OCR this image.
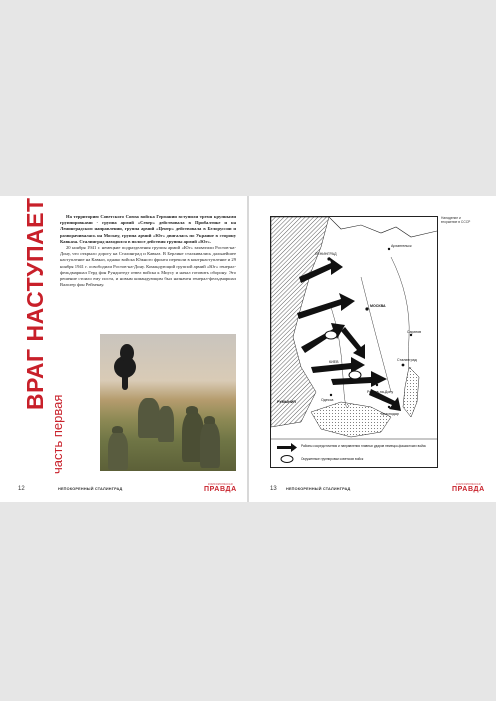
ВРАГ НАСТУПАЕТ
часть первая

На территорию Советского Союза войска Германии вступили тремя крупными группировками - группа армий «Север» действовала в Прибалтике и на Ленинградском направлении, группа армий «Центр» действовала в Белоруссии и разворачивалась на Москву, группа армий «Юг» двигалась по Украине в сторону Кавказа. Сталинград находился в полосе действия группы армий «Юг».

20 ноября 1941 г. немецкие подразделения группы армий «Юг» захватили Ростов-на-Дону, что открыло дорогу на Сталинград и Кавказ. В Берлине сталкивались дальнейшее наступление на Кавказ, однако войска Южного фронта перешли в контрнаступление и 29 ноября 1941 г. освободили Ростов-на-Дону. Командующий группой армий «Юг» генерал-фельдмаршал Герд фон Рундштедт отвел войска к Миусу и начал готовить оборону. Это решение стоило ему поста, и новым командующим был назначен генерал-фельдмаршал Вальтер фон Рейхенау.

12	НЕПОКОРЕННЫЙ СТАЛИНГРАД
КОМСОМОЛЬСКАЯ
ПРАВДА
ЛЕНИНГРАД
МОСКВА
Архангельск
КИЕВ	Сталинград
Ростов-на-Дону
РУМЫНИЯ
Саратов
Краснодар
Одесса
Районы сосредоточения и направления главных ударов немецко-фашистских войск
Окруженные группировки советских войск
Нападение и вторжение в СССР
13 НЕПОКОРЕННЫЙ СТАЛИНГРАД
КОМСОМОЛЬСКАЯ
ПРАВДА
